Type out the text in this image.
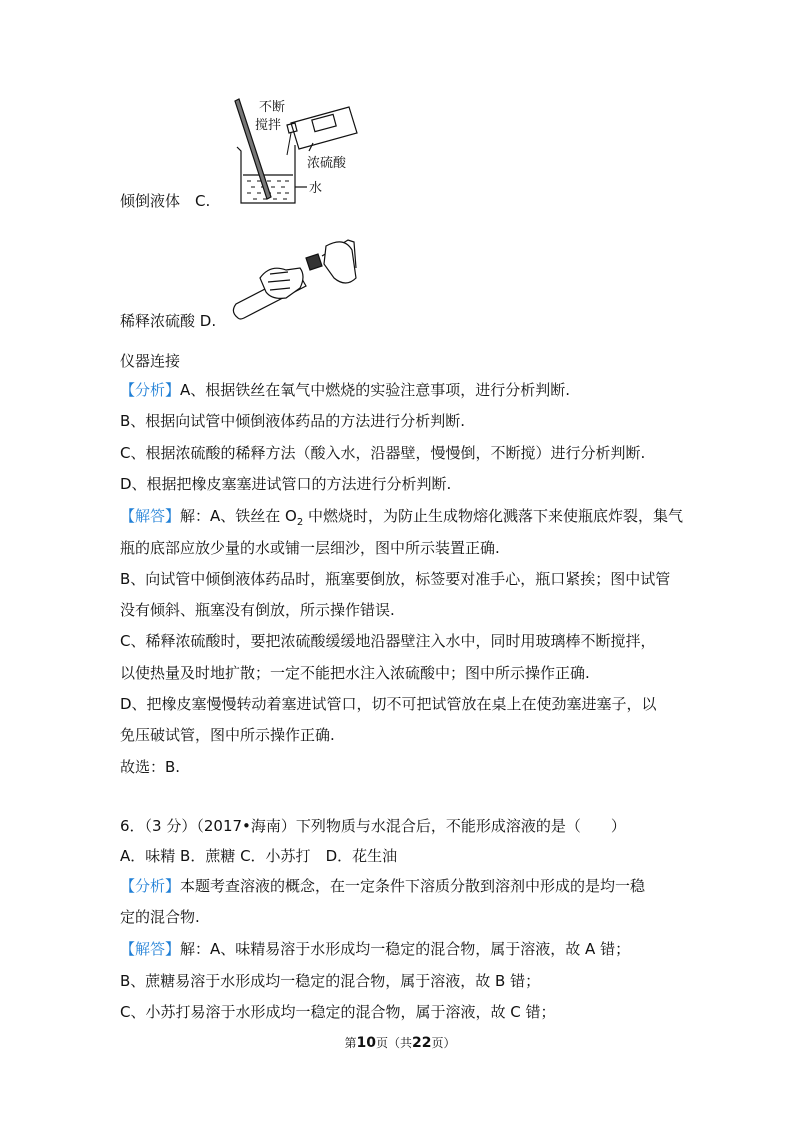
不断
搅拌
浓硫酸
水
倾倒液体　C.
稀释浓硫酸 D.
仪器连接
【分析】A、根据铁丝在氧气中燃烧的实验注意事项，进行分析判断.
B、根据向试管中倾倒液体药品的方法进行分析判断.
C、根据浓硫酸的稀释方法（酸入水，沿器壁，慢慢倒，不断搅）进行分析判断.
D、根据把橡皮塞塞进试管口的方法进行分析判断.
【解答】解：A、铁丝在 $O_2$ 中燃烧时，为防止生成物熔化溅落下来使瓶底炸裂，集气
瓶的底部应放少量的水或铺一层细沙，图中所示装置正确.
B、向试管中倾倒液体药品时，瓶塞要倒放，标签要对准手心，瓶口紧挨；图中试管
没有倾斜、瓶塞没有倒放，所示操作错误.
C、稀释浓硫酸时，要把浓硫酸缓缓地沿器壁注入水中，同时用玻璃棒不断搅拌，
以使热量及时地扩散；一定不能把水注入浓硫酸中；图中所示操作正确.
D、把橡皮塞慢慢转动着塞进试管口，切不可把试管放在桌上在使劲塞进塞子，以
免压破试管，图中所示操作正确.
故选：B.
6．（3 分）（2017•海南）下列物质与水混合后，不能形成溶液的是（　　）
A．味精 B．蔗糖 C．小苏打　D．花生油
【分析】本题考查溶液的概念，在一定条件下溶质分散到溶剂中形成的是均一稳
定的混合物.
【解答】解：A、味精易溶于水形成均一稳定的混合物，属于溶液，故 A 错；
B、蔗糖易溶于水形成均一稳定的混合物，属于溶液，故 B 错；
C、小苏打易溶于水形成均一稳定的混合物，属于溶液，故 C 错；
第10页（共22页）
